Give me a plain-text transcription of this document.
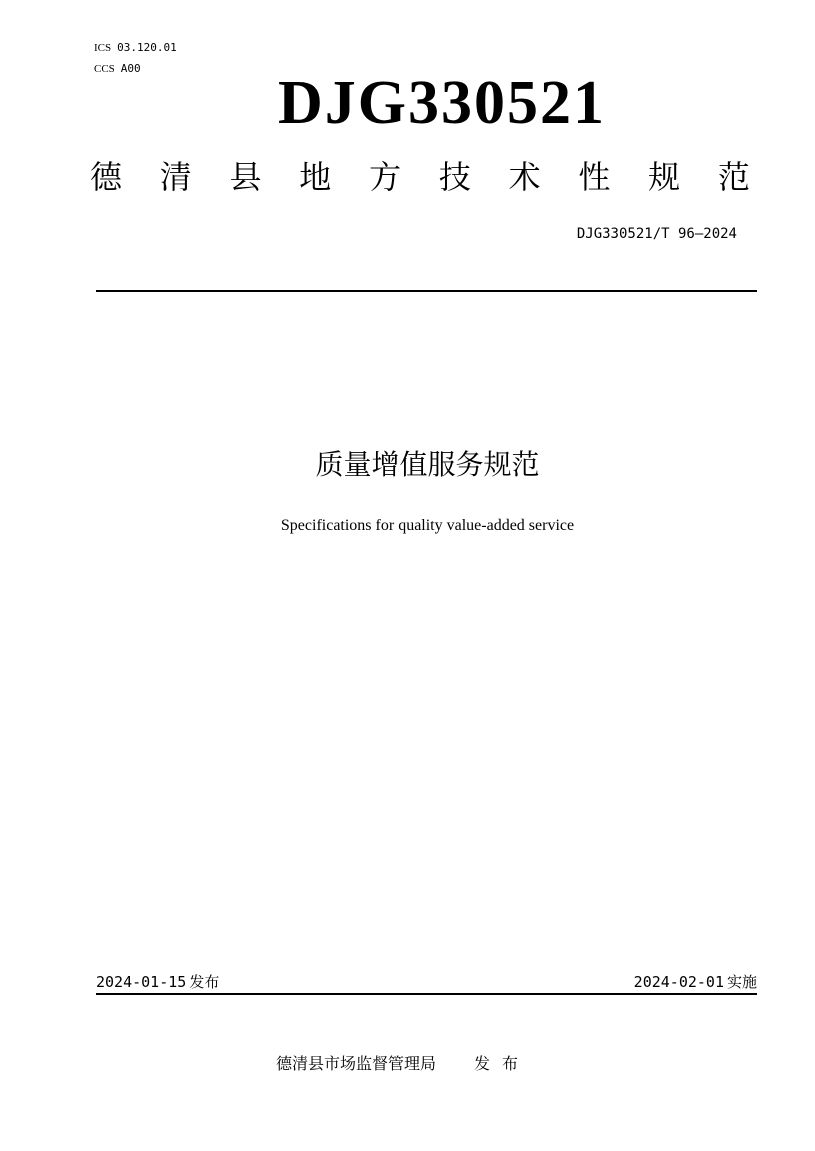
ICS 03.120.01
CCS A00
DJG330521
德 清 县 地 方 技 术 性 规 范
DJG330521/T 96—2024
质量增值服务规范
Specifications for quality value-added service
2024-01-15 发布	2024-02-01 实施
德清县市场监督管理局 发布
